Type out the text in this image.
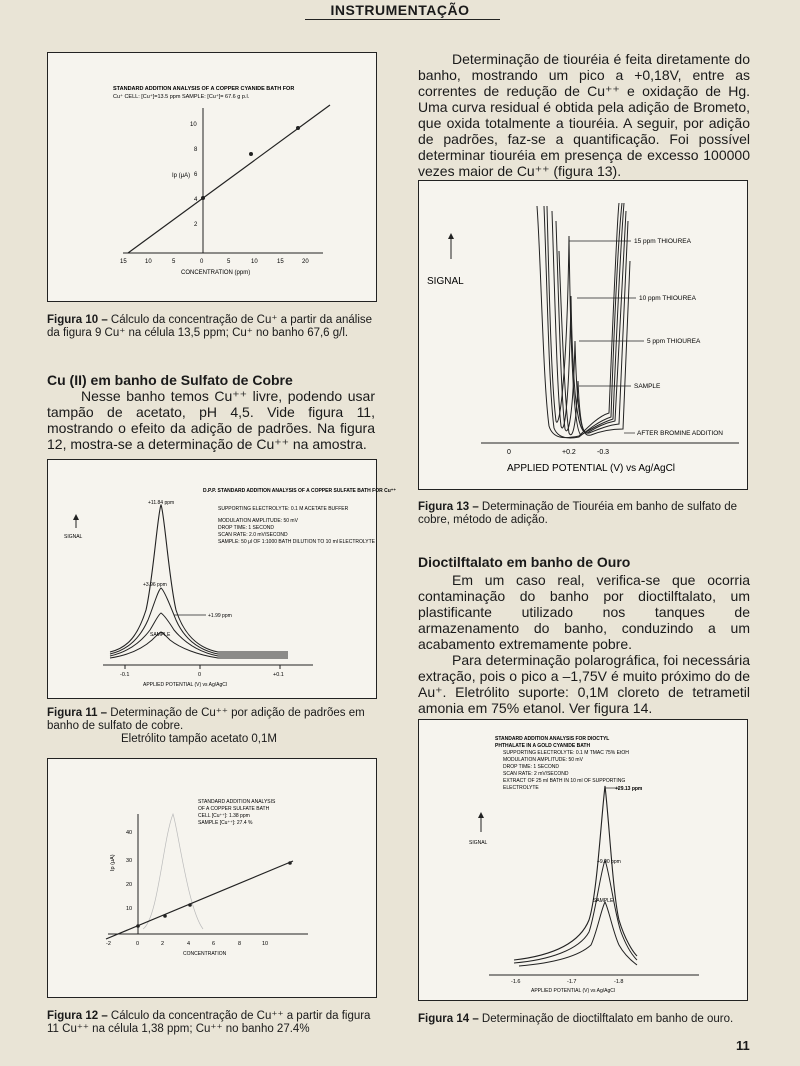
INSTRUMENTAÇÃO
STANDARD ADDITION ANALYSIS OF A COPPER CYANIDE BATH FOR
Cu⁺ CELL: [Cu⁺]=13.5 ppm SAMPLE: [Cu⁺]= 67.6 g p.l.
15	10	5	0	5	10	15	20
10
8
6
4
2
Ip (μA)
CONCENTRATION (ppm)
Figura 10 – Cálculo da concentração de Cu⁺ a partir da análise da figura 9 Cu⁺ na célula 13,5 ppm; Cu⁺ no banho 67,6 g/l.
Cu (II) em banho de Sulfato de Cobre

Nesse banho temos Cu⁺⁺ livre, podendo usar tampão de acetato, pH 4,5. Vide figura 11, mostrando o efeito da adição de padrões. Na figura 12, mostra-se a determinação de Cu⁺⁺ na amostra.

D.P.P. STANDARD ADDITION ANALYSIS OF A COPPER SULFATE BATH FOR Cu⁺⁺
SUPPORTING ELECTROLYTE: 0.1 M ACETATE BUFFER
MODULATION AMPLITUDE: 50 mV
DROP TIME: 1 SECOND
SCAN RATE: 2.0 mV/SECOND
SAMPLE: 50 μl OF 1:1000 BATH DILUTION TO 10 ml ELECTROLYTE
SIGNAL
-0.1	0	+0.1
APPLIED POTENTIAL (V) vs Ag/AgCl
+11.84 ppm
+3.96 ppm
+1.99 ppm
SAMPLE
Figura 11 – Determinação de Cu⁺⁺ por adição de padrões em banho de sulfato de cobre.
Eletrólito tampão acetato 0,1M
STANDARD ADDITION ANALYSIS
OF A COPPER SULFATE BATH
CELL [Cu⁺⁺]: 1.38 ppm
SAMPLE [Cu⁺⁺]: 27.4 %
-2	0	2	4	6	8	10
40
30
20
10
Ip (μA)
CONCENTRATION
Figura 12 – Cálculo da concentração de Cu⁺⁺ a partir da figura 11 Cu⁺⁺ na célula 1,38 ppm; Cu⁺⁺ no banho 27.4%

Determinação de tiouréia é feita diretamente do banho, mostrando um pico a +0,18V, entre as correntes de redução de Cu⁺⁺ e oxidação de Hg. Uma curva residual é obtida pela adição de Brometo, que oxida totalmente a tiouréia. A seguir, por adição de padrões, faz-se a quantificação. Foi possível determinar tiouréia em presença de excesso 100000 vezes maior de Cu⁺⁺ (figura 13).

SIGNAL
0	+0.2	-0.3
APPLIED POTENTIAL (V) vs Ag/AgCl
15 ppm THIOUREA
10 ppm THIOUREA
5 ppm THIOUREA
SAMPLE
AFTER BROMINE ADDITION
Figura 13 – Determinação de Tiouréia em banho de sulfato de cobre, método de adição.
Dioctilftalato em banho de Ouro

Em um caso real, verifica-se que ocorria contaminação do banho por dioctilftalato, um plastificante utilizado nos tanques de armazenamento do banho, conduzindo a um acabamento extremamente pobre.

Para determinação polarográfica, foi necessária extração, pois o pico a –1,75V é muito próximo do de Au⁺. Eletrólito suporte: 0,1M cloreto de tetrametil amonia em 75% etanol. Ver figura 14.

STANDARD ADDITION ANALYSIS FOR DIOCTYL
PHTHALATE IN A GOLD CYANIDE BATH
SUPPORTING ELECTROLYTE: 0.1 M TMAC 75% EtOH
MODULATION AMPLITUDE: 50 mV
DROP TIME: 1 SECOND
SCAN RATE: 2 mV/SECOND
EXTRACT OF 25 ml BATH IN 10 ml OF SUPPORTING
ELECTROLYTE
SIGNAL
-1.6	-1.7	-1.8
APPLIED POTENTIAL (V) vs Ag/AgCl
+29.13 ppm
+9.90 ppm
SAMPLE
Figura 14 – Determinação de dioctilftalato em banho de ouro.
11
